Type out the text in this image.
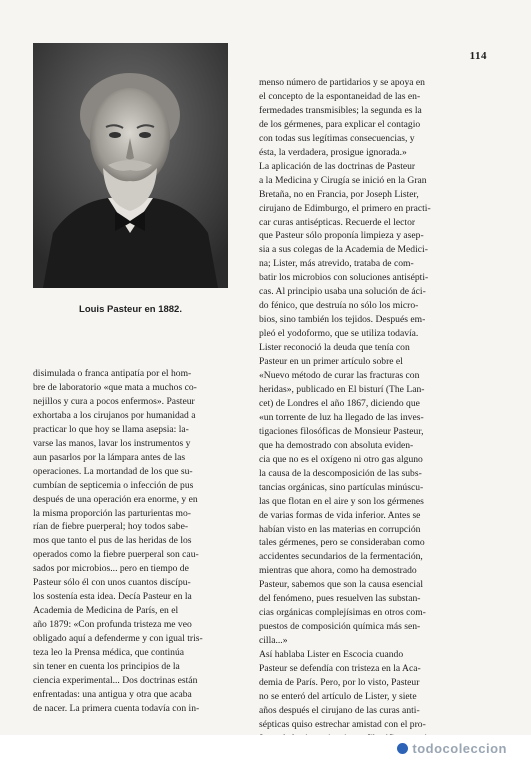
114
Louis Pasteur en 1882.
menso número de partidarios y se apoya en
el concepto de la espontaneidad de las en-
fermedades transmisibles; la segunda es la
de los gérmenes, para explicar el contagio
con todas sus legítimas consecuencias, y
ésta, la verdadera, prosigue ignorada.»
La aplicación de las doctrinas de Pasteur
a la Medicina y Cirugía se inició en la Gran
Bretaña, no en Francia, por Joseph Lister,
cirujano de Edimburgo, el primero en practi-
car curas antisépticas. Recuerde el lector
que Pasteur sólo proponía limpieza y asep-
sia a sus colegas de la Academia de Medici-
na; Lister, más atrevido, trataba de com-
batir los microbios con soluciones antisépti-
cas. Al principio usaba una solución de áci-
do fénico, que destruía no sólo los micro-
bios, sino también los tejidos. Después em-
pleó el yodoformo, que se utiliza todavía.
Lister reconoció la deuda que tenía con
Pasteur en un primer artículo sobre el
«Nuevo método de curar las fracturas con
heridas», publicado en El bisturí (The Lan-
cet) de Londres el año 1867, diciendo que
«un torrente de luz ha llegado de las inves-
tigaciones filosóficas de Monsieur Pasteur,
que ha demostrado con absoluta eviden-
cia que no es el oxígeno ni otro gas alguno
la causa de la descomposición de las subs-
tancias orgánicas, sino partículas minúscu-
las que flotan en el aire y son los gérmenes
de varias formas de vida inferior. Antes se
habían visto en las materias en corrupción
tales gérmenes, pero se consideraban como
accidentes secundarios de la fermentación,
mientras que ahora, como ha demostrado
Pasteur, sabemos que son la causa esencial
del fenómeno, pues resuelven las substan-
cias orgánicas complejísimas en otros com-
puestos de composición química más sen-
cilla...»
Así hablaba Lister en Escocia cuando
Pasteur se defendía con tristeza en la Aca-
demia de París. Pero, por lo visto, Pasteur
no se enteró del artículo de Lister, y siete
años después el cirujano de las curas anti-
sépticas quiso estrechar amistad con el pro-
disimulada o franca antipatía por el hom-
bre de laboratorio «que mata a muchos co-
nejillos y cura a pocos enfermos». Pasteur
exhortaba a los cirujanos por humanidad a
practicar lo que hoy se llama asepsia: la-
varse las manos, lavar los instrumentos y
aun pasarlos por la lámpara antes de las
operaciones. La mortandad de los que su-
cumbían de septicemia o infección de pus
después de una operación era enorme, y en
la misma proporción las parturientas mo-
rían de fiebre puerperal; hoy todos sabe-
mos que tanto el pus de las heridas de los
operados como la fiebre puerperal son cau-
sados por microbios... pero en tiempo de
Pasteur sólo él con unos cuantos discípu-
los sostenía esta idea. Decía Pasteur en la
Academia de Medicina de París, en el
año 1879: «Con profunda tristeza me veo
obligado aquí a defenderme y con igual tris-
teza leo la Prensa médica, que continúa
sin tener en cuenta los principios de la
ciencia experimental... Dos doctrinas están
enfrentadas: una antigua y otra que acaba
de nacer. La primera cuenta todavía con in-
todocoleccion
